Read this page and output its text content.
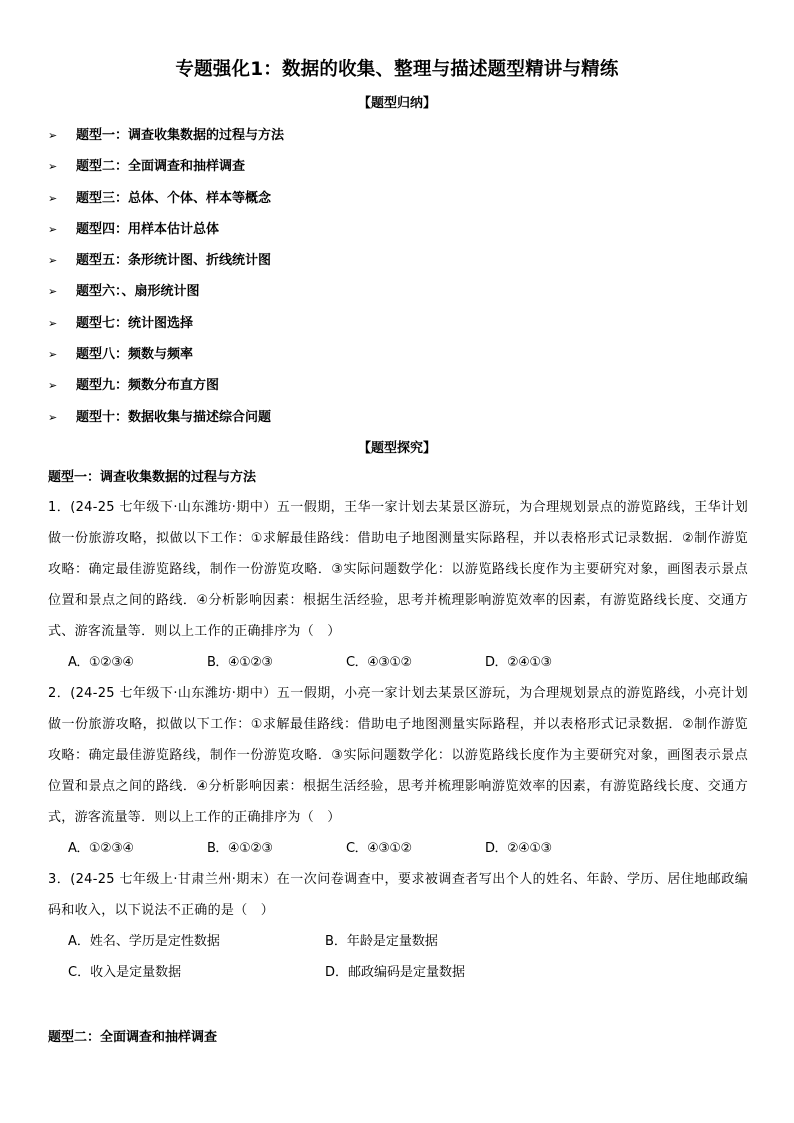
专题强化1：数据的收集、整理与描述题型精讲与精练
【题型归纳】
➢	题型一：调查收集数据的过程与方法
➢	题型二：全面调查和抽样调查
➢	题型三：总体、个体、样本等概念
➢	题型四：用样本估计总体
➢	题型五：条形统计图、折线统计图
➢	题型六：、扇形统计图
➢	题型七：统计图选择
➢	题型八：频数与频率
➢	题型九：频数分布直方图
➢	题型十：数据收集与描述综合问题
【题型探究】
题型一：调查收集数据的过程与方法
1．(24-25 七年级下·山东潍坊·期中）五一假期，王华一家计划去某景区游玩，为合理规划景点的游览路线，王华计划做一份旅游攻略，拟做以下工作：①求解最佳路线：借助电子地图测量实际路程，并以表格形式记录数据．②制作游览攻略：确定最佳游览路线，制作一份游览攻略．③实际问题数学化：以游览路线长度作为主要研究对象，画图表示景点位置和景点之间的路线．④分析影响因素：根据生活经验，思考并梳理影响游览效率的因素，有游览路线长度、交通方式、游客流量等．则以上工作的正确排序为（　）
A．①②③④	B．④①②③	C．④③①②	D．②④①③
2．(24-25 七年级下·山东潍坊·期中）五一假期，小亮一家计划去某景区游玩，为合理规划景点的游览路线，小亮计划做一份旅游攻略，拟做以下工作：①求解最佳路线：借助电子地图测量实际路程，并以表格形式记录数据．②制作游览攻略：确定最佳游览路线，制作一份游览攻略．③实际问题数学化：以游览路线长度作为主要研究对象，画图表示景点位置和景点之间的路线．④分析影响因素：根据生活经验，思考并梳理影响游览效率的因素，有游览路线长度、交通方式，游客流量等．则以上工作的正确排序为（　）
A．①②③④	B．④①②③	C．④③①②	D．②④①③
3．(24-25 七年级上·甘肃兰州·期末）在一次问卷调查中，要求被调查者写出个人的姓名、年龄、学历、居住地邮政编码和收入，以下说法不正确的是（　）
A．姓名、学历是定性数据	B．年龄是定量数据
C．收入是定量数据	D．邮政编码是定量数据
题型二：全面调查和抽样调查
